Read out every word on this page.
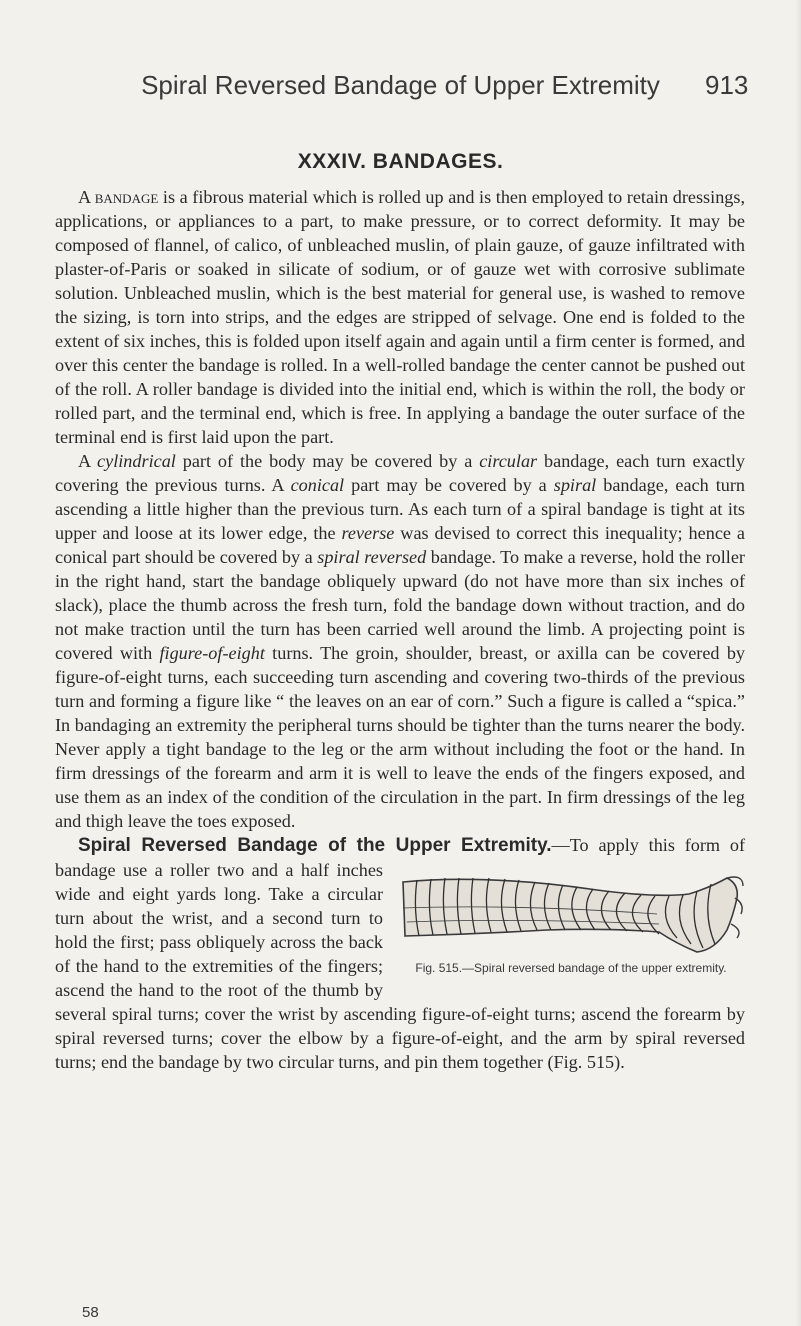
Spiral Reversed Bandage of Upper Extremity	913
XXXIV. BANDAGES.

A bandage is a fibrous material which is rolled up and is then employed to retain dressings, applications, or appliances to a part, to make pressure, or to correct deformity. It may be composed of flannel, of calico, of unbleached muslin, of plain gauze, of gauze infiltrated with plaster-of-Paris or soaked in silicate of sodium, or of gauze wet with corrosive sublimate solution. Unbleached muslin, which is the best material for general use, is washed to remove the sizing, is torn into strips, and the edges are stripped of selvage. One end is folded to the extent of six inches, this is folded upon itself again and again until a firm center is formed, and over this center the bandage is rolled. In a well-rolled bandage the center cannot be pushed out of the roll. A roller bandage is divided into the initial end, which is within the roll, the body or rolled part, and the terminal end, which is free. In applying a bandage the outer surface of the terminal end is first laid upon the part.

A cylindrical part of the body may be covered by a circular bandage, each turn exactly covering the previous turns. A conical part may be covered by a spiral bandage, each turn ascending a little higher than the previous turn. As each turn of a spiral bandage is tight at its upper and loose at its lower edge, the reverse was devised to correct this inequality; hence a conical part should be covered by a spiral reversed bandage. To make a reverse, hold the roller in the right hand, start the bandage obliquely upward (do not have more than six inches of slack), place the thumb across the fresh turn, fold the bandage down without traction, and do not make traction until the turn has been carried well around the limb. A projecting point is covered with figure-of-eight turns. The groin, shoulder, breast, or axilla can be covered by figure-of-eight turns, each succeeding turn ascending and covering two-thirds of the previous turn and forming a figure like “ the leaves on an ear of corn.” Such a figure is called a “spica.” In bandaging an extremity the peripheral turns should be tighter than the turns nearer the body. Never apply a tight bandage to the leg or the arm without including the foot or the hand. In firm dressings of the forearm and arm it is well to leave the ends of the fingers exposed, and use them as an index of the condition of the circulation in the part. In firm dressings of the leg and thigh leave the toes exposed.

Spiral Reversed Bandage of the Upper Extremity.
Fig. 515.—Spiral reversed bandage of the upper extremity.
—To apply this form of bandage use a roller two and a half inches wide and eight yards long. Take a circular turn about the wrist, and a second turn to hold the first; pass obliquely across the back of the hand to the extremities of the fingers; ascend the hand to the root of the thumb by several spiral turns; cover the wrist by ascending figure-of-eight turns; ascend the forearm by spiral reversed turns; cover the elbow by a figure-of-eight, and the arm by spiral reversed turns; end the bandage by two circular turns, and pin them together (Fig. 515).

58
